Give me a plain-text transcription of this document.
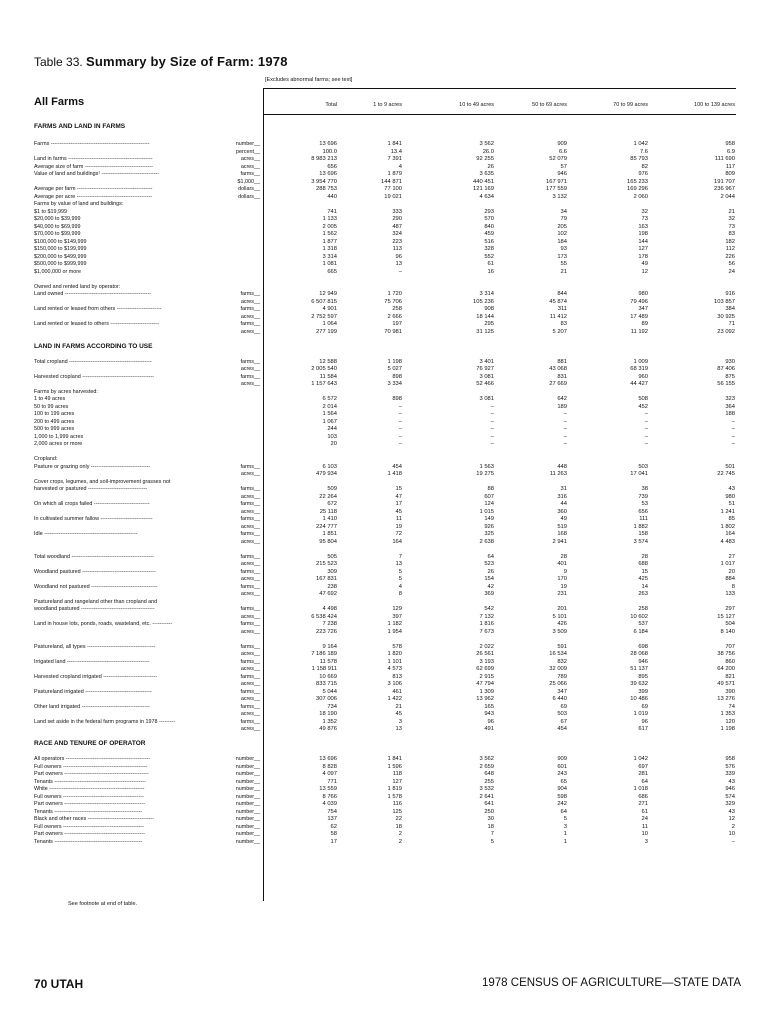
Table 33. Summary by Size of Farm: 1978
[Excludes abnormal farms; see text]
All Farms	Total	1 to 9 acres	10 to 49 acres	50 to 69 acres	70 to 99 acres	100 to 139 acres
FARMS AND LAND IN FARMS
Farms -------------------------------------------------------	number__	13 696	1 841	3 562	909	1 042	958
percent__	100.0	13.4	26.0	6.6	7.6	6.9
Land in farms -----------------------------------------------	acres__	8 983 213	7 391	92 255	52 079	85 793	111 690
Average size of farm --------------------------------------	acres__	656	4	26	57	82	117
Value of land and buildings¹ --------------------------------	farms__	13 696	1 879	3 635	946	976	809
$1,000__	3 954 770	144 871	440 451	167 971	165 233	191 707
Average per farm ------------------------------------------	dollars__	288 753	77 100	121 169	177 559	169 296	236 967
Average per acre ------------------------------------------	dollars__	440	19 021	4 634	3 132	2 060	2 044
Farms by value of land and buildings:
$1 to $19,999	741	333	293	34	32	21
$20,000 to $39,999	1 133	290	570	79	73	32
$40,000 to $69,999	2 005	487	840	205	163	73
$70,000 to $99,999	1 562	324	459	102	198	83
$100,000 to $149,999	1 877	223	516	184	144	182
$150,000 to $199,999	1 318	113	328	93	127	112
$200,000 to $499,999	3 314	96	552	173	178	226
$500,000 to $999,999	1 081	13	61	55	49	56
$1,000,000 or more	665	–	16	21	12	24
Owned and rented land by operator:
Land owned ------------------------------------------------	farms__	12 949	1 720	3 314	844	980	916
acres__	6 507 815	75 706	105 236	45 874	79 496	103 857
Land rented or leased from others -------------------------	farms__	4 901	258	908	311	347	384
acres__	2 752 597	2 666	18 144	11 412	17 489	30 925
Land rented or leased to others ---------------------------	farms__	1 064	197	295	83	89	71
acres__	277 199	70 981	31 125	5 207	11 192	23 092
LAND IN FARMS ACCORDING TO USE
Total cropland ----------------------------------------------	farms__	12 588	1 198	3 401	881	1 009	930
acres__	2 005 540	5 027	76 927	43 068	68 319	87 406
Harvested cropland ----------------------------------------	farms__	11 584	898	3 081	831	960	875
acres__	1 157 643	3 334	52 466	27 669	44 427	56 155
Farms by acres harvested:
1 to 49 acres	6 572	898	3 081	642	508	323
50 to 99 acres	2 014	–	–	189	452	364
100 to 199 acres	1 564	–	–	–	–	188
200 to 499 acres	1 067	–	–	–	–	–
500 to 999 acres	244	–	–	–	–	–
1,000 to 1,999 acres	103	–	–	–	–	–
2,000 acres or more	20	–	–	–	–	–
Cropland:
Pasture or grazing only ---------------------------------	farms__	6 103	454	1 563	448	503	501
acres__	479 934	1 418	19 275	11 263	17 041	22 745
Cover crops, legumes, and soil-improvement grasses not
harvested or pastured ---------------------------------	farms__	509	15	88	31	38	43
acres__	22 264	47	607	316	739	980
On which all crops failed -------------------------------	farms__	672	17	124	44	53	51
acres__	25 118	45	1 015	360	656	1 241
In cultivated summer fallow -----------------------------	farms__	1 410	11	149	49	111	85
acres__	224 777	19	926	519	1 882	1 802
Idle ----------------------------------------------------	farms__	1 851	72	325	168	158	164
acres__	95 804	164	2 638	2 941	3 574	4 483
Total woodland ----------------------------------------------	farms__	505	7	64	28	28	27
acres__	215 523	13	523	401	688	1 017
Woodland pastured -----------------------------------------	farms__	309	5	26	9	15	20
acres__	167 831	5	154	170	425	884
Woodland not pastured -------------------------------------	farms__	238	4	42	19	14	8
acres__	47 692	8	369	231	263	133
Pastureland and rangeland other than cropland and
woodland pastured -----------------------------------------	farms__	4 498	129	542	201	258	297
acres__	6 538 424	397	7 132	5 101	10 602	15 127
Land in house lots, ponds, roads, wasteland, etc. -----------	farms__	7 238	1 182	1 816	426	537	504
acres__	223 726	1 954	7 673	3 509	6 184	8 140
Pastureland, all types --------------------------------------	farms__	9 164	578	2 022	591	698	707
acres__	7 186 189	1 820	26 561	16 534	28 068	38 756
Irrigated land ----------------------------------------------	farms__	11 578	1 101	3 193	832	946	860
acres__	1 158 911	4 573	62 699	32 009	51 137	64 200
Harvested cropland irrigated ------------------------------	farms__	10 669	813	2 915	789	895	821
acres__	833 715	3 106	47 794	25 066	39 632	49 571
Pastureland irrigated -------------------------------------	farms__	5 044	461	1 309	347	399	390
acres__	307 006	1 422	13 962	6 440	10 486	13 276
Other land irrigated --------------------------------------	farms__	734	21	165	69	69	74
acres__	18 190	45	943	503	1 019	1 353
Land set aside in the federal farm programs in 1978 ---------	farms__	1 352	3	96	67	96	120
acres__	49 876	13	491	454	617	1 198
RACE AND TENURE OF OPERATOR
All operators -----------------------------------------------	number__	13 696	1 841	3 562	909	1 042	958
Full owners -----------------------------------------------	number__	8 828	1 596	2 659	601	697	576
Part owners -----------------------------------------------	number__	4 097	118	648	243	281	339
Tenants ---------------------------------------------------	number__	771	127	255	65	64	43
White -----------------------------------------------------	number__	13 559	1 819	3 532	904	1 018	946
Full owners ---------------------------------------------	number__	8 766	1 578	2 641	598	686	574
Part owners ---------------------------------------------	number__	4 039	116	641	242	271	329
Tenants -------------------------------------------------	number__	754	125	250	64	61	43
Black and other races -------------------------------------	number__	137	22	30	5	24	12
Full owners ---------------------------------------------	number__	62	18	18	3	11	2
Part owners ---------------------------------------------	number__	58	2	7	1	10	10
Tenants -------------------------------------------------	number__	17	2	5	1	3	–
See footnote at end of table.
70 UTAH	1978 CENSUS OF AGRICULTURE—STATE DATA
